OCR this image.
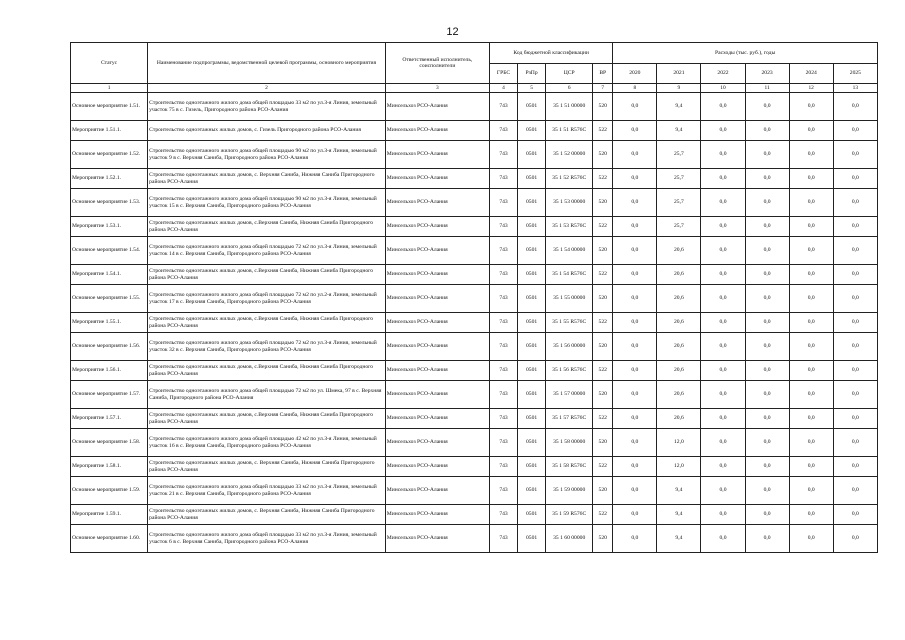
12
Статус	Наименование подпрограммы, ведомственной целевой программы, основного мероприятия	Ответственный исполнитель, соисполнители	Код бюджетной классификации				Расходы (тыс. руб.), годы					
			ГРБС	РзПр	ЦСР	ВР	2020	2021	2022	2023	2024	2025
1	2	3	4	5	6	7	8	9	10	11	12	13
Основное мероприятие 1.51.	Строительство одноэтажного жилого дома общей площадью 33 м2 по ул.З-я Линия, земельный участок 75 в с. Гизель, Пригородного района РСО-Алания	Минсельхоз РСО-Алания	743	0501	35 1 51 00000	520	0,0	9,4	0,0	0,0	0,0	0,0
Мероприятие 1.51.1.	Строительство одноэтажных жилых домов, с. Гизель Пригородного района РСО-Алания	Минсельхоз РСО-Алания	743	0501	35 1 51 R576C	522	0,0	9,4	0,0	0,0	0,0	0,0
Основное мероприятие 1.52.	Строительство одноэтажного жилого дома общей площадью 90 м2 по ул.З-я Линия, земельный участок 9 в с. Верхняя Саниба, Пригородного района РСО-Алания	Минсельхоз РСО-Алания	743	0501	35 1 52 00000	520	0,0	25,7	0,0	0,0	0,0	0,0
Мероприятие 1.52.1.	Строительство одноэтажных жилых домов, с. Верхняя Саниба, Нижняя Саниба Пригородного района РСО-Алания	Минсельхоз РСО-Алания	743	0501	35 1 52 R576C	522	0,0	25,7	0,0	0,0	0,0	0,0
Основное мероприятие 1.53.	Строительство одноэтажного жилого дома общей площадью 90 м2 по ул.З-я Линия, земельный участок 15 в с. Верхняя Саниба, Пригородного района РСО-Алания	Минсельхоз РСО-Алания	743	0501	35 1 53 00000	520	0,0	25,7	0,0	0,0	0,0	0,0
Мероприятие 1.53.1.	Строительство одноэтажных жилых домов, с.Верхняя Саниба, Нижняя Саниба Пригородного района РСО-Алания	Минсельхоз РСО-Алания	743	0501	35 1 53 R576C	522	0,0	25,7	0,0	0,0	0,0	0,0
Основное мероприятие 1.54.	Строительство одноэтажного жилого дома общей площадью 72 м2 по ул.З-я Линия, земельный участок 14 в с. Верхняя Саниба, Пригородного района РСО-Алания	Минсельхоз РСО-Алания	743	0501	35 1 54 00000	520	0,0	20,6	0,0	0,0	0,0	0,0
Мероприятие 1.54.1.	Строительство одноэтажных жилых домов, с.Верхняя Саниба, Нижняя Саниба Пригородного района РСО-Алания	Минсельхоз РСО-Алания	743	0501	35 1 54 R576C	522	0,0	20,6	0,0	0,0	0,0	0,0
Основное мероприятие 1.55.	Строительство одноэтажного жилого дома общей площадью 72 м2 по ул.2-я Линия, земельный участок 17 в с. Верхняя Саниба, Пригородного района РСО-Алания	Минсельхоз РСО-Алания	743	0501	35 1 55 00000	520	0,0	20,6	0,0	0,0	0,0	0,0
Мероприятие 1.55.1.	Строительство одноэтажных жилых домов, с.Верхняя Саниба, Нижняя Саниба Пригородного района РСО-Алания	Минсельхоз РСО-Алания	743	0501	35 1 55 R576C	522	0,0	20,6	0,0	0,0	0,0	0,0
Основное мероприятие 1.56.	Строительство одноэтажного жилого дома общей площадью 72 м2 по ул.З-я Линия, земельный участок 32 в с. Верхняя Саниба, Пригородного района РСО-Алания	Минсельхоз РСО-Алания	743	0501	35 1 56 00000	520	0,0	20,6	0,0	0,0	0,0	0,0
Мероприятие 1.56.1.	Строительство одноэтажных жилых домов, с.Верхняя Саниба, Нижняя Саниба Пригородного района РСО-Алания	Минсельхоз РСО-Алания	743	0501	35 1 56 R576C	522	0,0	20,6	0,0	0,0	0,0	0,0
Основное мероприятие 1.57.	Строительство одноэтажного жилого дома общей площадью 72 м2 по ул. Шмека, 97 в с. Верхняя Саниба, Пригородного района РСО-Алания	Минсельхоз РСО-Алания	743	0501	35 1 57 00000	520	0,0	20,6	0,0	0,0	0,0	0,0
Мероприятие 1.57.1.	Строительство одноэтажных жилых домов, с.Верхняя Саниба, Нижняя Саниба Пригородного района РСО-Алания	Минсельхоз РСО-Алания	743	0501	35 1 57 R576C	522	0,0	20,6	0,0	0,0	0,0	0,0
Основное мероприятие 1.58.	Строительство одноэтажного жилого дома общей площадью 42 м2 по ул.З-я Линия, земельный участок 16 в с. Верхняя Саниба, Пригородного района РСО-Алания	Минсельхоз РСО-Алания	743	0501	35 1 58 00000	520	0,0	12,0	0,0	0,0	0,0	0,0
Мероприятие 1.58.1.	Строительство одноэтажных жилых домов, с. Верхняя Саниба, Нижняя Саниба Пригородного района РСО-Алания	Минсельхоз РСО-Алания	743	0501	35 1 58 R576C	522	0,0	12,0	0,0	0,0	0,0	0,0
Основное мероприятие 1.59.	Строительство одноэтажного жилого дома общей площадью 33 м2 по ул.З-я Линия, земельный участок 21 в с. Верхняя Саниба, Пригородного района РСО-Алания	Минсельхоз РСО-Алания	743	0501	35 1 59 00000	520	0,0	9,4	0,0	0,0	0,0	0,0
Мероприятие 1.59.1.	Строительство одноэтажных жилых домов, с. Верхняя Саниба, Нижняя Саниба Пригородного района РСО-Алания	Минсельхоз РСО-Алания	743	0501	35 1 59 R576C	522	0,0	9,4	0,0	0,0	0,0	0,0
Основное мероприятие 1.60.	Строительство одноэтажного жилого дома общей площадью 33 м2 по ул.З-я Линия, земельный участок 6 в с. Верхняя Саниба, Пригородного района РСО-Алания	Минсельхоз РСО-Алания	743	0501	35 1 60 00000	520	0,0	9,4	0,0	0,0	0,0	0,0
